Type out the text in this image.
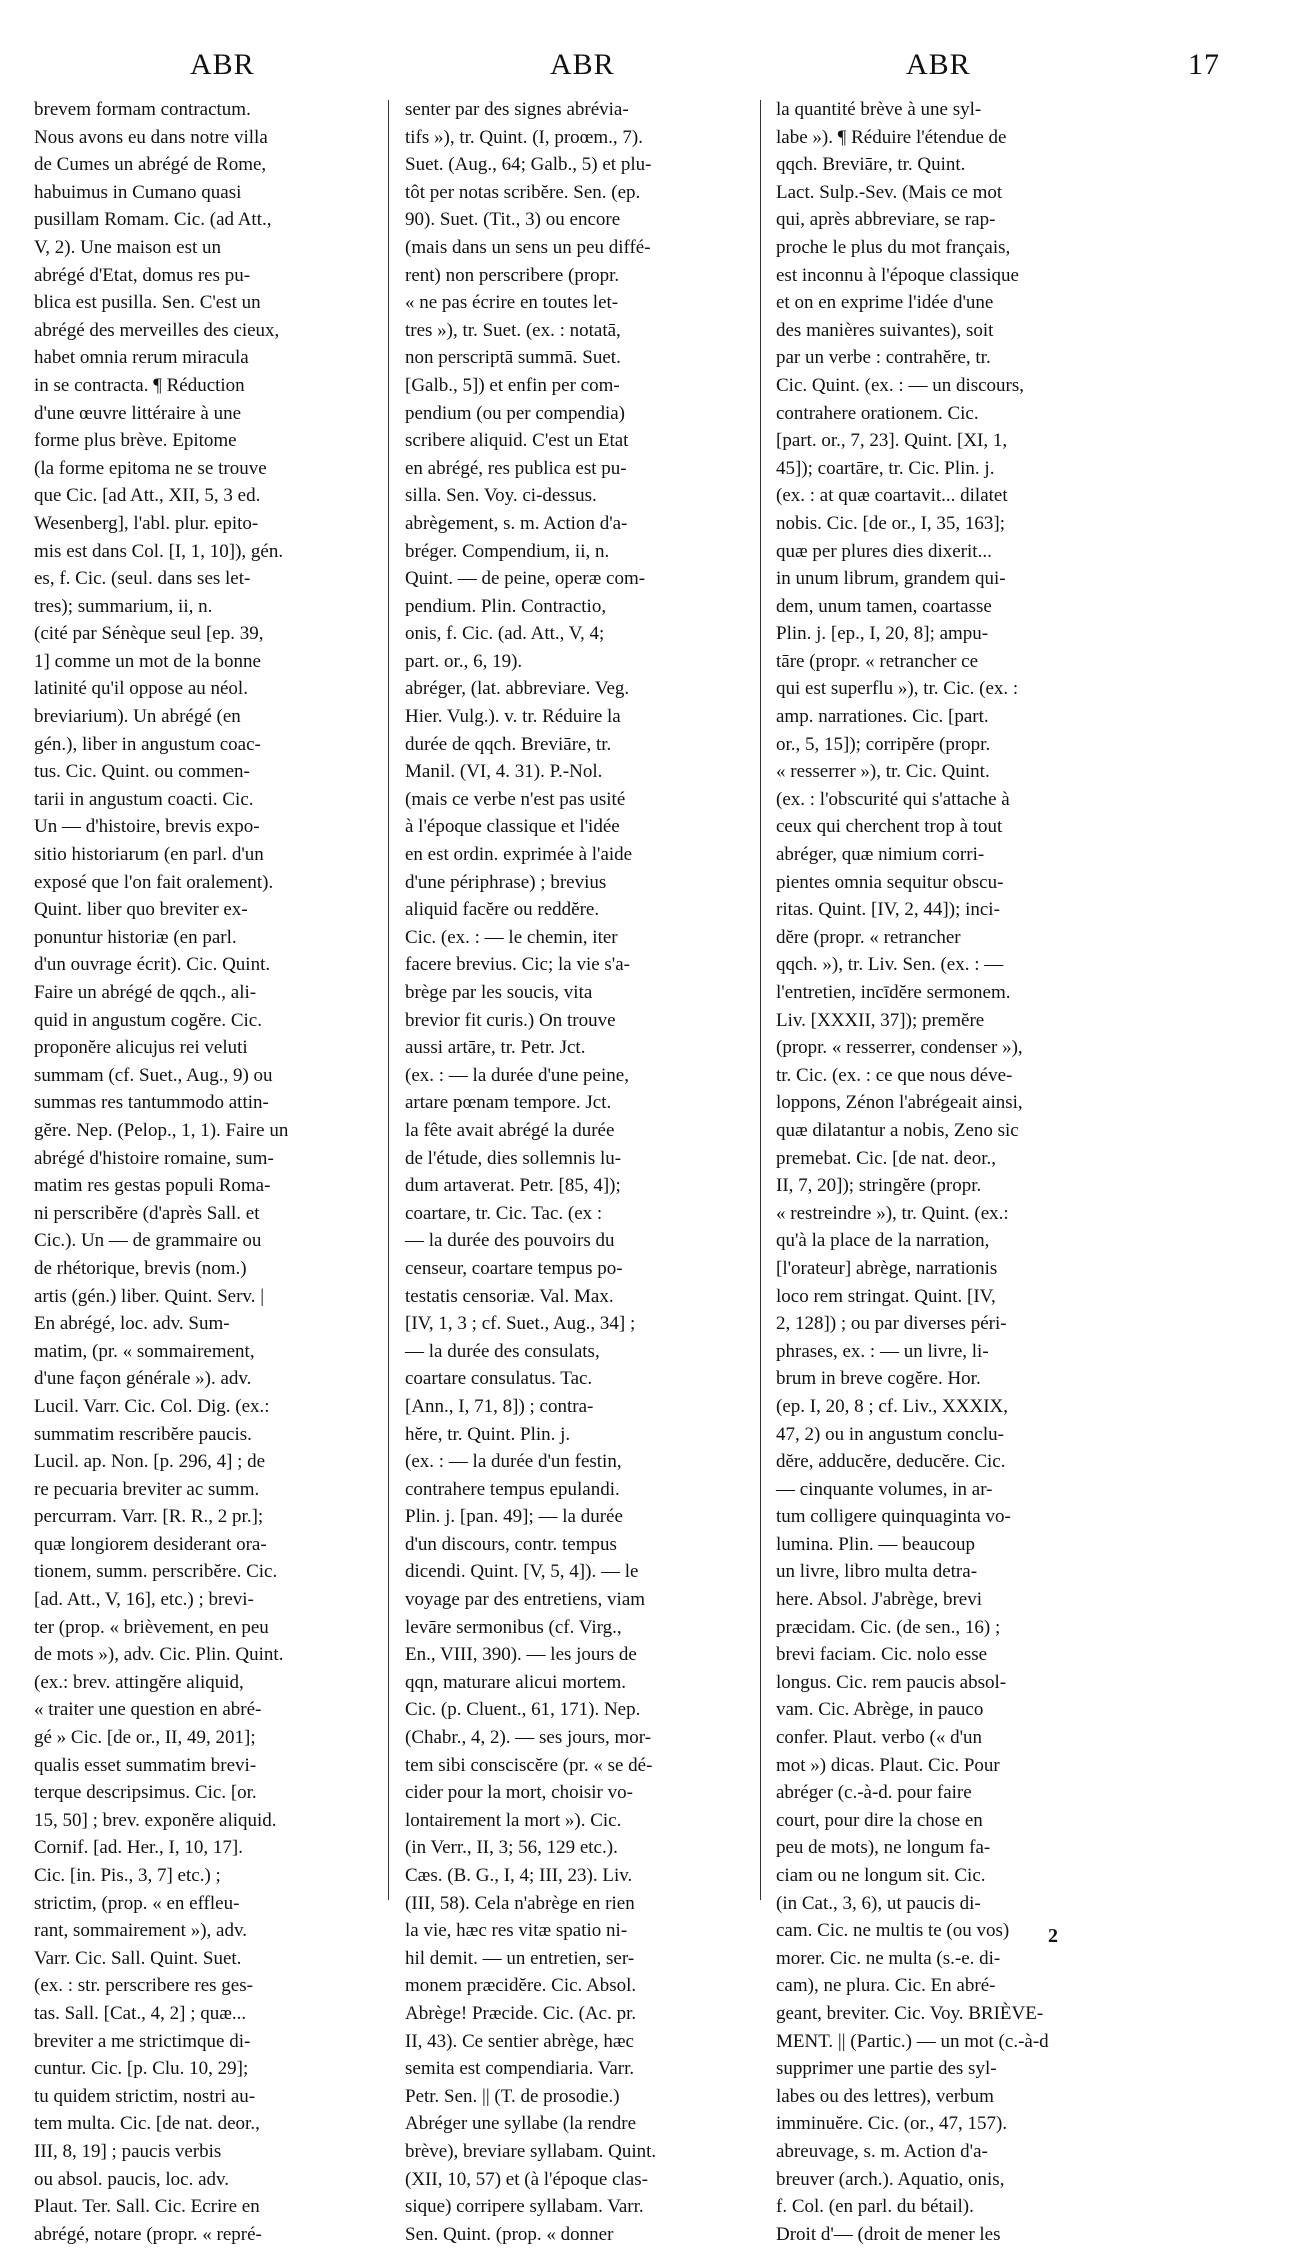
ABR	ABR	ABR	17

brevem formam contractum.
Nous avons eu dans notre villa
de Cumes un abrégé de Rome,
habuimus in Cumano quasi
pusillam Romam. Cic. (ad Att.,
V, 2). Une maison est un
abrégé d'Etat, domus res pu-
blica est pusilla. Sen. C'est un
abrégé des merveilles des cieux,
habet omnia rerum miracula
in se contracta. ¶ Réduction
d'une œuvre littéraire à une
forme plus brève. Epitome
(la forme epitoma ne se trouve
que Cic. [ad Att., XII, 5, 3 ed.
Wesenberg], l'abl. plur. epito-
mis est dans Col. [I, 1, 10]), gén.
es, f. Cic. (seul. dans ses let-
tres); summarium, ii, n.
(cité par Sénèque seul [ep. 39,
1] comme un mot de la bonne
latinité qu'il oppose au néol.
breviarium). Un abrégé (en
gén.), liber in angustum coac-
tus. Cic. Quint. ou commen-
tarii in angustum coacti. Cic.
Un — d'histoire, brevis expo-
sitio historiarum (en parl. d'un
exposé que l'on fait oralement).
Quint. liber quo breviter ex-
ponuntur historiæ (en parl.
d'un ouvrage écrit). Cic. Quint.
Faire un abrégé de qqch., ali-
quid in angustum cogĕre. Cic.
proponĕre alicujus rei veluti
summam (cf. Suet., Aug., 9) ou
summas res tantummodo attin-
gĕre. Nep. (Pelop., 1, 1). Faire un
abrégé d'histoire romaine, sum-
matim res gestas populi Roma-
ni perscribĕre (d'après Sall. et
Cic.). Un — de grammaire ou
de rhétorique, brevis (nom.)
artis (gén.) liber. Quint. Serv. |
En abrégé, loc. adv. Sum-
matim, (pr. « sommairement,
d'une façon générale »). adv.
Lucil. Varr. Cic. Col. Dig. (ex.:
summatim rescribĕre paucis.
Lucil. ap. Non. [p. 296, 4] ; de
re pecuaria breviter ac summ.
percurram. Varr. [R. R., 2 pr.];
quæ longiorem desiderant ora-
tionem, summ. perscribĕre. Cic.
[ad. Att., V, 16], etc.) ; brevi-
ter (prop. « brièvement, en peu
de mots »), adv. Cic. Plin. Quint.
(ex.: brev. attingĕre aliquid,
« traiter une question en abré-
gé » Cic. [de or., II, 49, 201];
qualis esset summatim brevi-
terque descripsimus. Cic. [or.
15, 50] ; brev. exponĕre aliquid.
Cornif. [ad. Her., I, 10, 17].
Cic. [in. Pis., 3, 7] etc.) ;
strictim, (prop. « en effleu-
rant, sommairement »), adv.
Varr. Cic. Sall. Quint. Suet.
(ex. : str. perscribere res ges-
tas. Sall. [Cat., 4, 2] ; quæ...
breviter a me strictimque di-
cuntur. Cic. [p. Clu. 10, 29];
tu quidem strictim, nostri au-
tem multa. Cic. [de nat. deor.,
III, 8, 19] ; paucis verbis
ou absol. paucis, loc. adv.
Plaut. Ter. Sall. Cic. Ecrire en
abrégé, notare (propr. « repré-

senter par des signes abrévia-
tifs »), tr. Quint. (I, proœm., 7).
Suet. (Aug., 64; Galb., 5) et plu-
tôt per notas scribĕre. Sen. (ep.
90). Suet. (Tit., 3) ou encore
(mais dans un sens un peu diffé-
rent) non perscribere (propr.
« ne pas écrire en toutes let-
tres »), tr. Suet. (ex. : notatā,
non perscriptā summā. Suet.
[Galb., 5]) et enfin per com-
pendium (ou per compendia)
scribere aliquid. C'est un Etat
en abrégé, res publica est pu-
silla. Sen. Voy. ci-dessus.
abrègement, s. m. Action d'a-
bréger. Compendium, ii, n.
Quint. — de peine, operæ com-
pendium. Plin. Contractio,
onis, f. Cic. (ad. Att., V, 4;
part. or., 6, 19).
abréger, (lat. abbreviare. Veg.
Hier. Vulg.). v. tr. Réduire la
durée de qqch. Breviāre, tr.
Manil. (VI, 4. 31). P.-Nol.
(mais ce verbe n'est pas usité
à l'époque classique et l'idée
en est ordin. exprimée à l'aide
d'une périphrase) ; brevius
aliquid facĕre ou reddĕre.
Cic. (ex. : — le chemin, iter
facere brevius. Cic; la vie s'a-
brège par les soucis, vita
brevior fit curis.) On trouve
aussi artāre, tr. Petr. Jct.
(ex. : — la durée d'une peine,
artare pœnam tempore. Jct.
la fête avait abrégé la durée
de l'étude, dies sollemnis lu-
dum artaverat. Petr. [85, 4]);
coartare, tr. Cic. Tac. (ex :
— la durée des pouvoirs du
censeur, coartare tempus po-
testatis censoriæ. Val. Max.
[IV, 1, 3 ; cf. Suet., Aug., 34] ;
— la durée des consulats,
coartare consulatus. Tac.
[Ann., I, 71, 8]) ; contra-
hĕre, tr. Quint. Plin. j.
(ex. : — la durée d'un festin,
contrahere tempus epulandi.
Plin. j. [pan. 49]; — la durée
d'un discours, contr. tempus
dicendi. Quint. [V, 5, 4]). — le
voyage par des entretiens, viam
levāre sermonibus (cf. Virg.,
En., VIII, 390). — les jours de
qqn, maturare alicui mortem.
Cic. (p. Cluent., 61, 171). Nep.
(Chabr., 4, 2). — ses jours, mor-
tem sibi consciscĕre (pr. « se dé-
cider pour la mort, choisir vo-
lontairement la mort »). Cic.
(in Verr., II, 3; 56, 129 etc.).
Cæs. (B. G., I, 4; III, 23). Liv.
(III, 58). Cela n'abrège en rien
la vie, hæc res vitæ spatio ni-
hil demit. — un entretien, ser-
monem præcidĕre. Cic. Absol.
Abrège! Præcide. Cic. (Ac. pr.
II, 43). Ce sentier abrège, hæc
semita est compendiaria. Varr.
Petr. Sen. || (T. de prosodie.)
Abréger une syllabe (la rendre
brève), breviare syllabam. Quint.
(XII, 10, 57) et (à l'époque clas-
sique) corripere syllabam. Varr.
Sen. Quint. (prop. « donner

la quantité brève à une syl-
labe »). ¶ Réduire l'étendue de
qqch. Breviāre, tr. Quint.
Lact. Sulp.-Sev. (Mais ce mot
qui, après abbreviare, se rap-
proche le plus du mot français,
est inconnu à l'époque classique
et on en exprime l'idée d'une
des manières suivantes), soit
par un verbe : contrahĕre, tr.
Cic. Quint. (ex. : — un discours,
contrahere orationem. Cic.
[part. or., 7, 23]. Quint. [XI, 1,
45]); coartāre, tr. Cic. Plin. j.
(ex. : at quæ coartavit... dilatet
nobis. Cic. [de or., I, 35, 163];
quæ per plures dies dixerit...
in unum librum, grandem qui-
dem, unum tamen, coartasse
Plin. j. [ep., I, 20, 8]; ampu-
tāre (propr. « retrancher ce
qui est superflu »), tr. Cic. (ex. :
amp. narrationes. Cic. [part.
or., 5, 15]); corripĕre (propr.
« resserrer »), tr. Cic. Quint.
(ex. : l'obscurité qui s'attache à
ceux qui cherchent trop à tout
abréger, quæ nimium corri-
pientes omnia sequitur obscu-
ritas. Quint. [IV, 2, 44]); inci-
dĕre (propr. « retrancher
qqch. »), tr. Liv. Sen. (ex. : —
l'entretien, incīdĕre sermonem.
Liv. [XXXII, 37]); premĕre
(propr. « resserrer, condenser »),
tr. Cic. (ex. : ce que nous déve-
loppons, Zénon l'abrégeait ainsi,
quæ dilatantur a nobis, Zeno sic
premebat. Cic. [de nat. deor.,
II, 7, 20]); stringĕre (propr.
« restreindre »), tr. Quint. (ex.:
qu'à la place de la narration,
[l'orateur] abrège, narrationis
loco rem stringat. Quint. [IV,
2, 128]) ; ou par diverses péri-
phrases, ex. : — un livre, li-
brum in breve cogĕre. Hor.
(ep. I, 20, 8 ; cf. Liv., XXXIX,
47, 2) ou in angustum conclu-
dĕre, adducĕre, deducĕre. Cic.
— cinquante volumes, in ar-
tum colligere quinquaginta vo-
lumina. Plin. — beaucoup
un livre, libro multa detra-
here. Absol. J'abrège, brevi
præcidam. Cic. (de sen., 16) ;
brevi faciam. Cic. nolo esse
longus. Cic. rem paucis absol-
vam. Cic. Abrège, in pauco
confer. Plaut. verbo (« d'un
mot ») dicas. Plaut. Cic. Pour
abréger (c.-à-d. pour faire
court, pour dire la chose en
peu de mots), ne longum fa-
ciam ou ne longum sit. Cic.
(in Cat., 3, 6), ut paucis di-
cam. Cic. ne multis te (ou vos)
morer. Cic. ne multa (s.-e. di-
cam), ne plura. Cic. En abré-
geant, breviter. Cic. Voy. BRIÈVE-
MENT. || (Partic.) — un mot (c.-à-d
supprimer une partie des syl-
labes ou des lettres), verbum
imminuĕre. Cic. (or., 47, 157).
abreuvage, s. m. Action d'a-
breuver (arch.). Aquatio, onis,
f. Col. (en parl. du bétail).
Droit d'— (droit de mener les

2
